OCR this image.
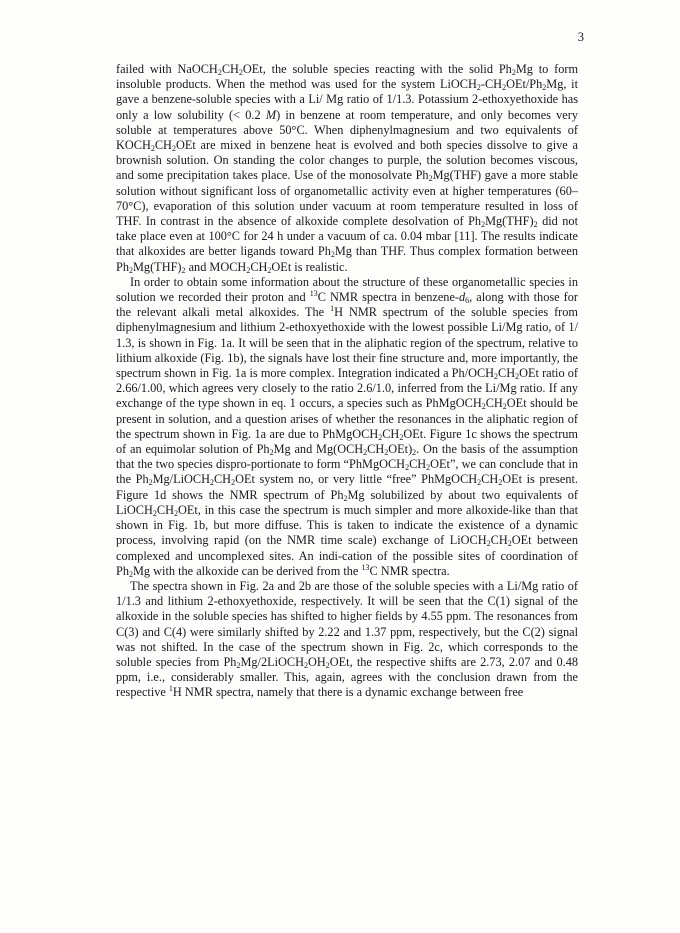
3

failed with $NaOCH_2CH_2OEt$, the soluble species reacting with the solid $Ph_2Mg$ to form insoluble products. When the method was used for the system $LiOCH_2-CH_2OEt/Ph_2Mg$, it gave a benzene-soluble species with a Li/ Mg ratio of 1/1.3. Potassium 2-ethoxyethoxide has only a low solubility (< 0.2 M) in benzene at room temperature, and only becomes very soluble at temperatures above 50°C. When diphenylmagnesium and two equivalents of $KOCH_2CH_2OEt$ are mixed in benzene heat is evolved and both species dissolve to give a brownish solution. On standing the color changes to purple, the solution becomes viscous, and some precipitation takes place. Use of the monosolvate $Ph_2Mg(THF)$ gave a more stable solution without significant loss of organometallic activity even at higher temperatures (60–70°C), evaporation of this solution under vacuum at room temperature resulted in loss of THF. In contrast in the absence of alkoxide complete desolvation of $Ph_2Mg(THF)_2$ did not take place even at 100°C for 24 h under a vacuum of ca. 0.04 mbar [11]. The results indicate that alkoxides are better ligands toward $Ph_2Mg$ than THF. Thus complex formation between $Ph_2Mg(THF)_2$ and $MOCH_2CH_2OEt$ is realistic.

In order to obtain some information about the structure of these organometallic species in solution we recorded their proton and $^{13}$C NMR spectra in benzene-$d_6$, along with those for the relevant alkali metal alkoxides. The $^1$H NMR spectrum of the soluble species from diphenylmagnesium and lithium 2-ethoxyethoxide with the lowest possible Li/Mg ratio, of 1/ 1.3, is shown in Fig. 1a. It will be seen that in the aliphatic region of the spectrum, relative to lithium alkoxide (Fig. 1b), the signals have lost their fine structure and, more importantly, the spectrum shown in Fig. 1a is more complex. Integration indicated a $Ph/OCH_2CH_2OEt$ ratio of 2.66/1.00, which agrees very closely to the ratio 2.6/1.0, inferred from the Li/Mg ratio. If any exchange of the type shown in eq. 1 occurs, a species such as $PhMgOCH_2CH_2OEt$ should be present in solution, and a question arises of whether the resonances in the aliphatic region of the spectrum shown in Fig. 1a are due to $PhMgOCH_2CH_2OEt$. Figure 1c shows the spectrum of an equimolar solution of $Ph_2Mg$ and $Mg(OCH_2CH_2OEt)_2$. On the basis of the assumption that the two species dispro-portionate to form “$PhMgOCH_2CH_2OEt$”, we can conclude that in the $Ph_2Mg/LiOCH_2CH_2OEt$ system no, or very little “free” $PhMgOCH_2CH_2OEt$ is present. Figure 1d shows the NMR spectrum of $Ph_2Mg$ solubilized by about two equivalents of $LiOCH_2CH_2OEt$, in this case the spectrum is much simpler and more alkoxide-like than that shown in Fig. 1b, but more diffuse. This is taken to indicate the existence of a dynamic process, involving rapid (on the NMR time scale) exchange of $LiOCH_2CH_2OEt$ between complexed and uncomplexed sites. An indi-cation of the possible sites of coordination of $Ph_2Mg$ with the alkoxide can be derived from the $^{13}$C NMR spectra.

The spectra shown in Fig. 2a and 2b are those of the soluble species with a Li/Mg ratio of 1/1.3 and lithium 2-ethoxyethoxide, respectively. It will be seen that the C(1) signal of the alkoxide in the soluble species has shifted to higher fields by 4.55 ppm. The resonances from C(3) and C(4) were similarly shifted by 2.22 and 1.37 ppm, respectively, but the C(2) signal was not shifted. In the case of the spectrum shown in Fig. 2c, which corresponds to the soluble species from $Ph_2Mg/2LiOCH_2OH_2OEt$, the respective shifts are 2.73, 2.07 and 0.48 ppm, i.e., considerably smaller. This, again, agrees with the conclusion drawn from the respective $^1$H NMR spectra, namely that there is a dynamic exchange between free
